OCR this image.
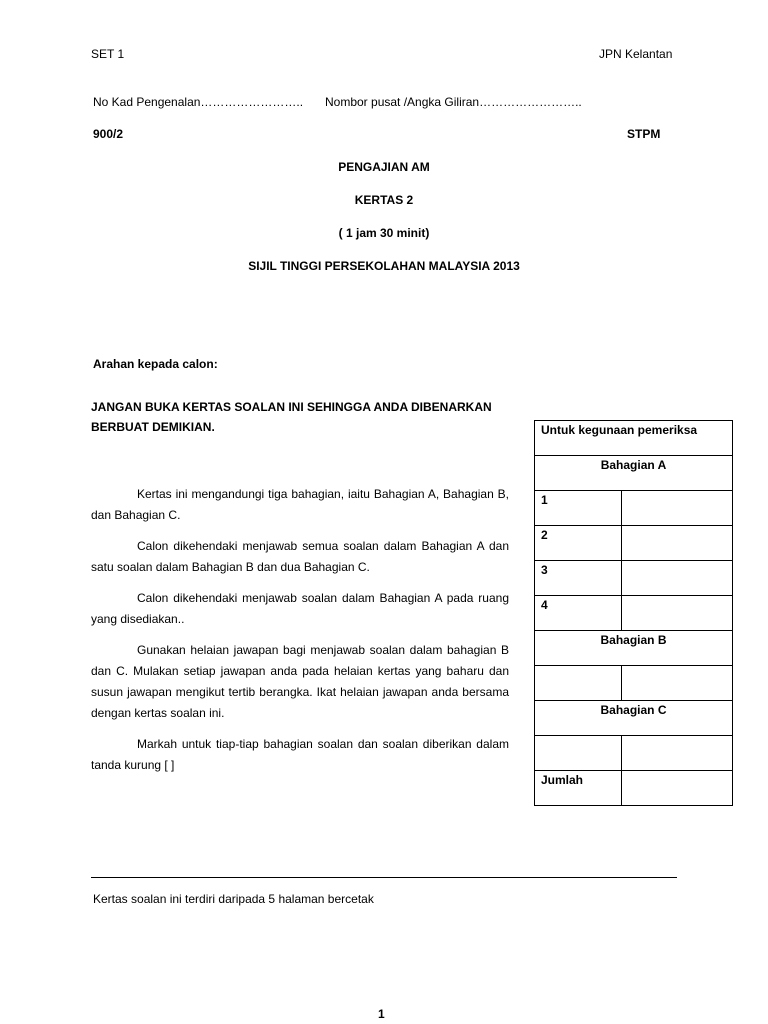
SET 1	JPN Kelantan
No Kad Pengenalan…………………….. Nombor pusat /Angka Giliran……………………..
900/2	STPM
PENGAJIAN AM
KERTAS 2
( 1 jam 30 minit)
SIJIL TINGGI PERSEKOLAHAN MALAYSIA 2013
Arahan kepada calon:
JANGAN BUKA KERTAS SOALAN INI SEHINGGA ANDA DIBENARKAN
BERBUAT DEMIKIAN.

Kertas ini mengandungi tiga bahagian, iaitu Bahagian A, Bahagian B, dan Bahagian C.

Calon dikehendaki menjawab semua soalan dalam Bahagian A dan satu soalan dalam Bahagian B dan dua Bahagian C.

Calon dikehendaki menjawab soalan dalam Bahagian A pada ruang yang disediakan..

Gunakan helaian jawapan bagi menjawab soalan dalam bahagian B dan C. Mulakan setiap jawapan anda pada helaian kertas yang baharu dan susun jawapan mengikut tertib berangka. Ikat helaian jawapan anda bersama dengan kertas soalan ini.

Markah untuk tiap-tiap bahagian soalan dan soalan diberikan dalam tanda kurung [ ]

Untuk kegunaan pemeriksa	
Bahagian A	
1	
2	
3	
4	
Bahagian B	

Bahagian C	

Jumlah	
Kertas soalan ini terdiri daripada 5 halaman bercetak
1
